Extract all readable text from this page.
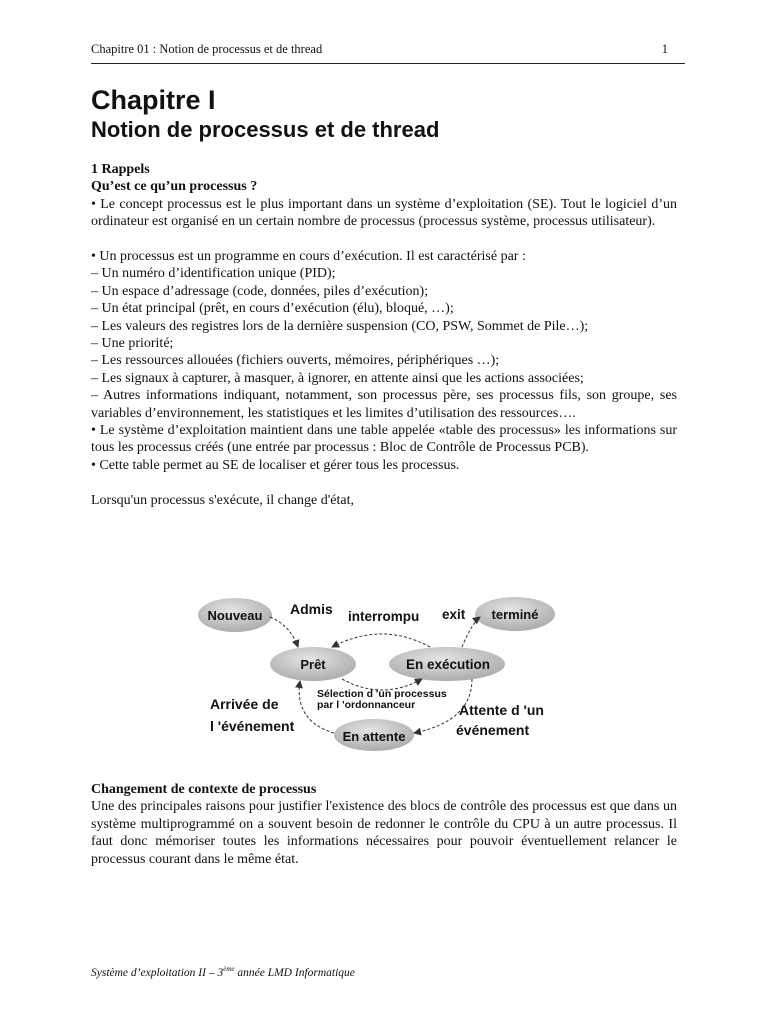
Chapitre 01 : Notion de processus et de thread	1
Chapitre I
Notion de processus et de thread

1 Rappels

Qu’est ce qu’un processus ?

• Le concept processus est le plus important dans un système d’exploitation (SE). Tout le logiciel d’un ordinateur est organisé en un certain nombre de processus (processus système, processus utilisateur).

• Un processus est un programme en cours d’exécution. Il est caractérisé par :

– Un numéro d’identification unique (PID);

– Un espace d’adressage (code, données, piles d’exécution);

– Un état principal (prêt, en cours d’exécution (élu), bloqué, …);

– Les valeurs des registres lors de la dernière suspension (CO, PSW, Sommet de Pile…);

– Une priorité;

– Les ressources allouées (fichiers ouverts, mémoires, périphériques …);

– Les signaux à capturer, à masquer, à ignorer, en attente ainsi que les actions associées;

– Autres informations indiquant, notamment, son processus père, ses processus fils, son groupe, ses variables d’environnement, les statistiques et les limites d’utilisation des ressources….

• Le système d’exploitation maintient dans une table appelée «table des processus» les informations sur tous les processus créés (une entrée par processus : Bloc de Contrôle de Processus PCB).

• Cette table permet au SE de localiser et gérer tous les processus.

Lorsqu'un processus s'exécute, il change d'état,

Nouveau	terminé
Prêt	En exécution
En attente
Admis interrompu exit
Sélection d 'un processus
par l 'ordonnanceur
Arrivée de
l 'événement
Attente d 'un
événement

Changement de contexte de processus

Une des principales raisons pour justifier l'existence des blocs de contrôle des processus est que dans un système multiprogrammé on a souvent besoin de redonner le contrôle du CPU à un autre processus. Il faut donc mémoriser toutes les informations nécessaires pour pouvoir éventuellement relancer le processus courant dans le même état.

Système d’exploitation II – 3ème année LMD Informatique
